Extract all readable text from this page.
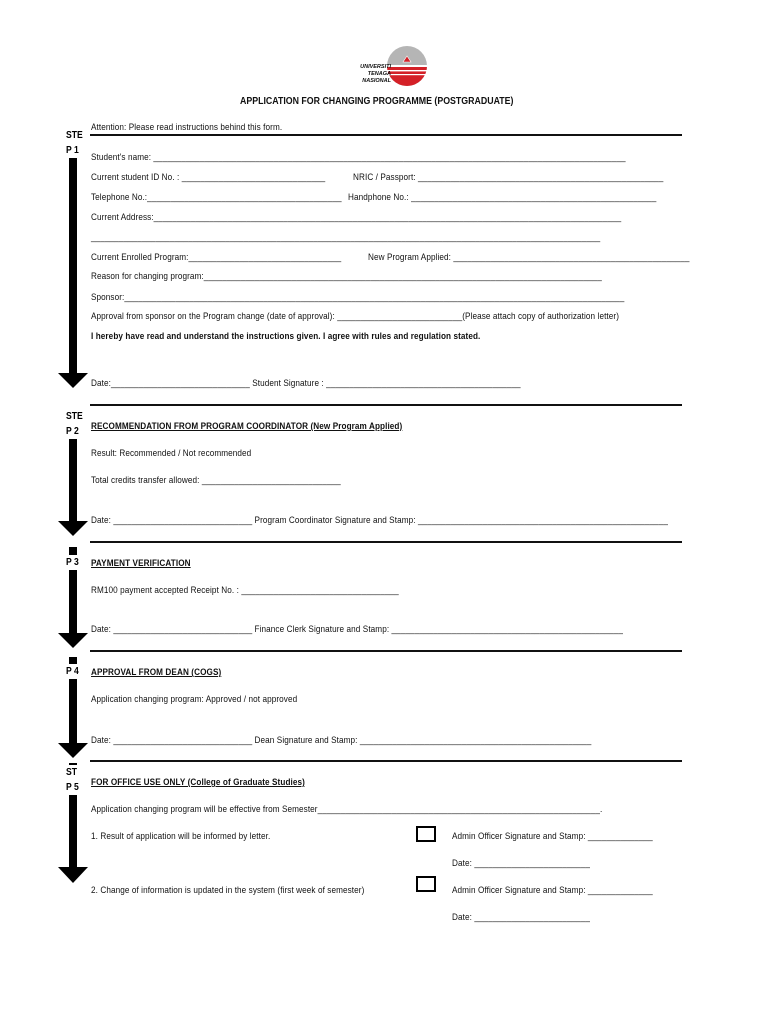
UNIVERSITI
TENAGA
NASIONAL
APPLICATION FOR CHANGING PROGRAMME (POSTGRADUATE)
Attention: Please read instructions behind this form.
STE
P 1
STE
P 2
P 3
P 4
ST
P 5
Student's name: ______________________________________________________________________________________________________
Current student ID No. : _______________________________	NRIC / Passport: _____________________________________________________
Telephone No.:__________________________________________ Handphone No.: _____________________________________________________
Current Address:_____________________________________________________________________________________________________
______________________________________________________________________________________________________________
Current Enrolled Program:_________________________________	New Program Applied: ___________________________________________________
Reason for changing program:______________________________________________________________________________________
Sponsor:____________________________________________________________________________________________________________
Approval from sponsor on the Program change (date of approval): ___________________________(Please attach copy of authorization letter)
I hereby have read and understand the instructions given. I agree with rules and regulation stated.
Date:______________________________ Student Signature : __________________________________________
RECOMMENDATION FROM PROGRAM COORDINATOR (New Program Applied)
Result: Recommended / Not recommended
Total credits transfer allowed: ______________________________
Date: ______________________________ Program Coordinator Signature and Stamp: ______________________________________________________
PAYMENT VERIFICATION
RM100 payment accepted Receipt No. : __________________________________
Date: ______________________________ Finance Clerk Signature and Stamp: __________________________________________________
APPROVAL FROM DEAN (COGS)
Application changing program: Approved / not approved
Date: ______________________________ Dean Signature and Stamp: __________________________________________________
FOR OFFICE USE ONLY (College of Graduate Studies)
Application changing program will be effective from Semester_____________________________________________________________.
1. Result of application will be informed by letter.	Admin Officer Signature and Stamp: ______________
Date: _________________________
2. Change of information is updated in the system (first week of semester)	Admin Officer Signature and Stamp: ______________
Date: _________________________
